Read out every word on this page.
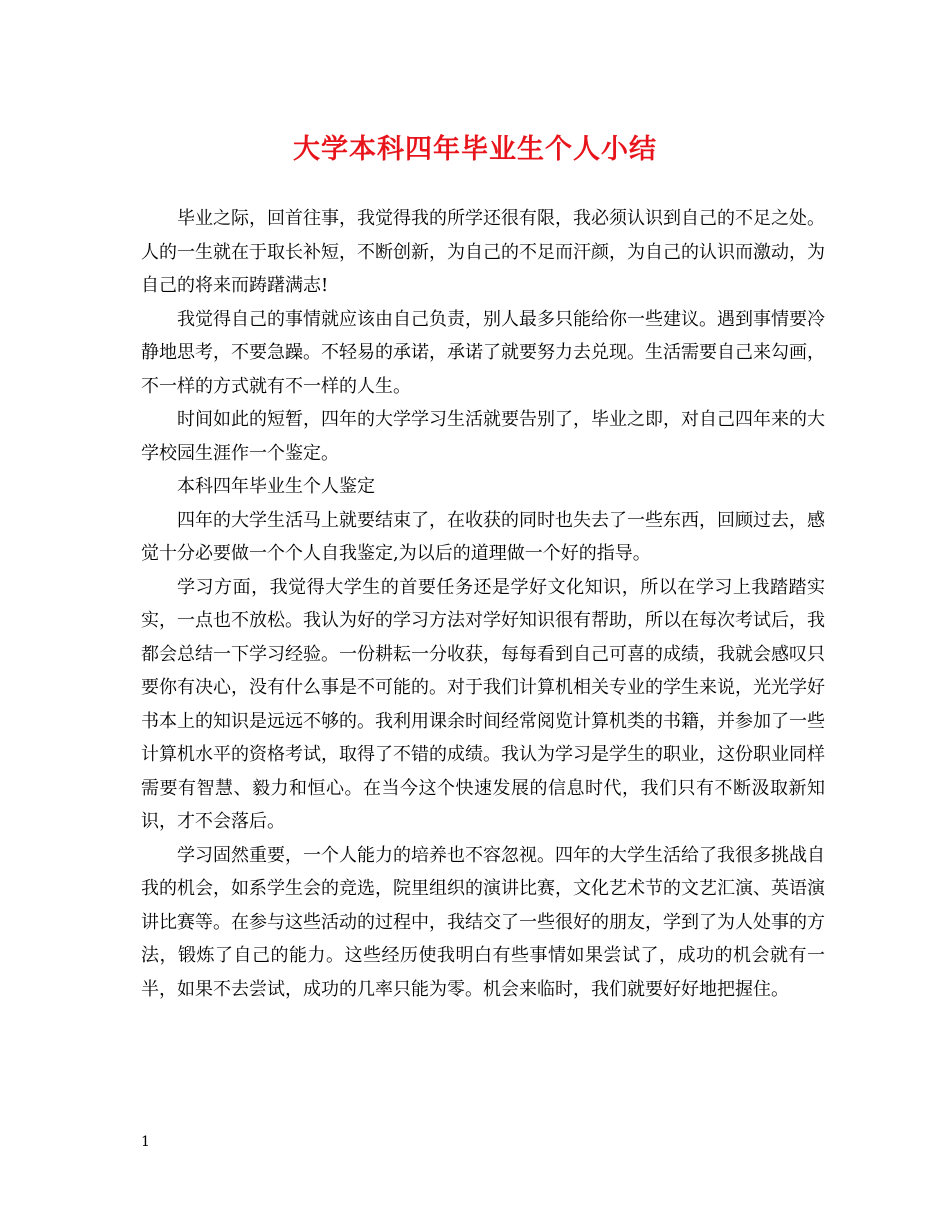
大学本科四年毕业生个人小结

毕业之际，回首往事，我觉得我的所学还很有限，我必须认识到自己的不足之处。人的一生就在于取长补短，不断创新，为自己的不足而汗颜，为自己的认识而激动，为自己的将来而踌躇满志!

我觉得自己的事情就应该由自己负责，别人最多只能给你一些建议。遇到事情要冷静地思考，不要急躁。不轻易的承诺，承诺了就要努力去兑现。生活需要自己来勾画，不一样的方式就有不一样的人生。

时间如此的短暂，四年的大学学习生活就要告别了，毕业之即，对自己四年来的大学校园生涯作一个鉴定。

本科四年毕业生个人鉴定

四年的大学生活马上就要结束了，在收获的同时也失去了一些东西，回顾过去，感觉十分必要做一个个人自我鉴定,为以后的道理做一个好的指导。

学习方面，我觉得大学生的首要任务还是学好文化知识，所以在学习上我踏踏实实，一点也不放松。我认为好的学习方法对学好知识很有帮助，所以在每次考试后，我都会总结一下学习经验。一份耕耘一分收获，每每看到自己可喜的成绩，我就会感叹只要你有决心，没有什么事是不可能的。对于我们计算机相关专业的学生来说，光光学好书本上的知识是远远不够的。我利用课余时间经常阅览计算机类的书籍，并参加了一些计算机水平的资格考试，取得了不错的成绩。我认为学习是学生的职业，这份职业同样需要有智慧、毅力和恒心。在当今这个快速发展的信息时代，我们只有不断汲取新知识，才不会落后。

学习固然重要，一个人能力的培养也不容忽视。四年的大学生活给了我很多挑战自我的机会，如系学生会的竞选，院里组织的演讲比赛，文化艺术节的文艺汇演、英语演讲比赛等。在参与这些活动的过程中，我结交了一些很好的朋友，学到了为人处事的方法，锻炼了自己的能力。这些经历使我明白有些事情如果尝试了，成功的机会就有一半，如果不去尝试，成功的几率只能为零。机会来临时，我们就要好好地把握住。

1
